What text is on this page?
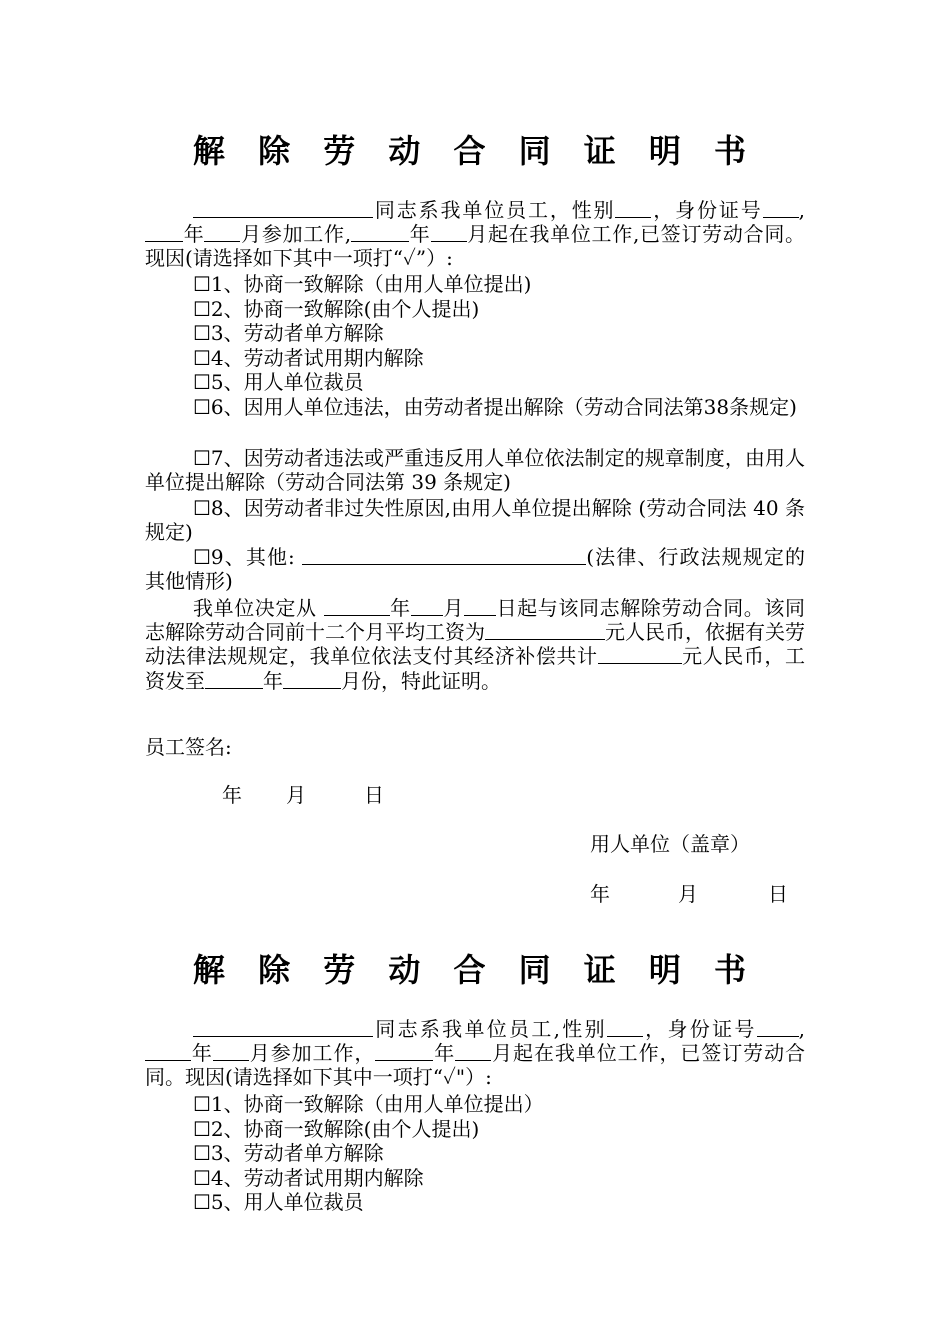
解 除 劳 动 合 同 证 明 书

同志系我单位员工，性别 ，身份证号 ,年 月参加工作,	年 月起在我单位工作,已签订劳动合同。现因(请选择如下其中一项打“✓”）:

☐1、协商一致解除（由用人单位提出)

☐2、协商一致解除(由个人提出)

☐3、劳动者单方解除

☐4、劳动者试用期内解除

☐5、用人单位裁员

☐6、因用人单位违法，由劳动者提出解除（劳动合同法第38条规定)

☐7、因劳动者违法或严重违反用人单位依法制定的规章制度，由用人单位提出解除（劳动合同法第 39 条规定)

☐8、因劳动者非过失性原因,由用人单位提出解除 (劳动合同法 40 条规定)

☐9、其他:	(法律、行政法规规定的其他情形)

我单位决定从	年 月 日起与该同志解除劳动合同。该同志解除劳动合同前十二个月平均工资为	元人民币，依据有关劳动法律法规规定，我单位依法支付其经济补偿共计	元人民币，工资发至	年	月份，特此证明。

员工签名:

年 月	日

用人单位（盖章）

年	月	日

解 除 劳 动 合 同 证 明 书

同志系我单位员工,性别 ，身份证号 ,年 月参加工作，	年 月起在我单位工作，已签订劳动合同。现因(请选择如下其中一项打“✓"）:

☐1、协商一致解除（由用人单位提出）

☐2、协商一致解除(由个人提出)

☐3、劳动者单方解除

☐4、劳动者试用期内解除

☐5、用人单位裁员
